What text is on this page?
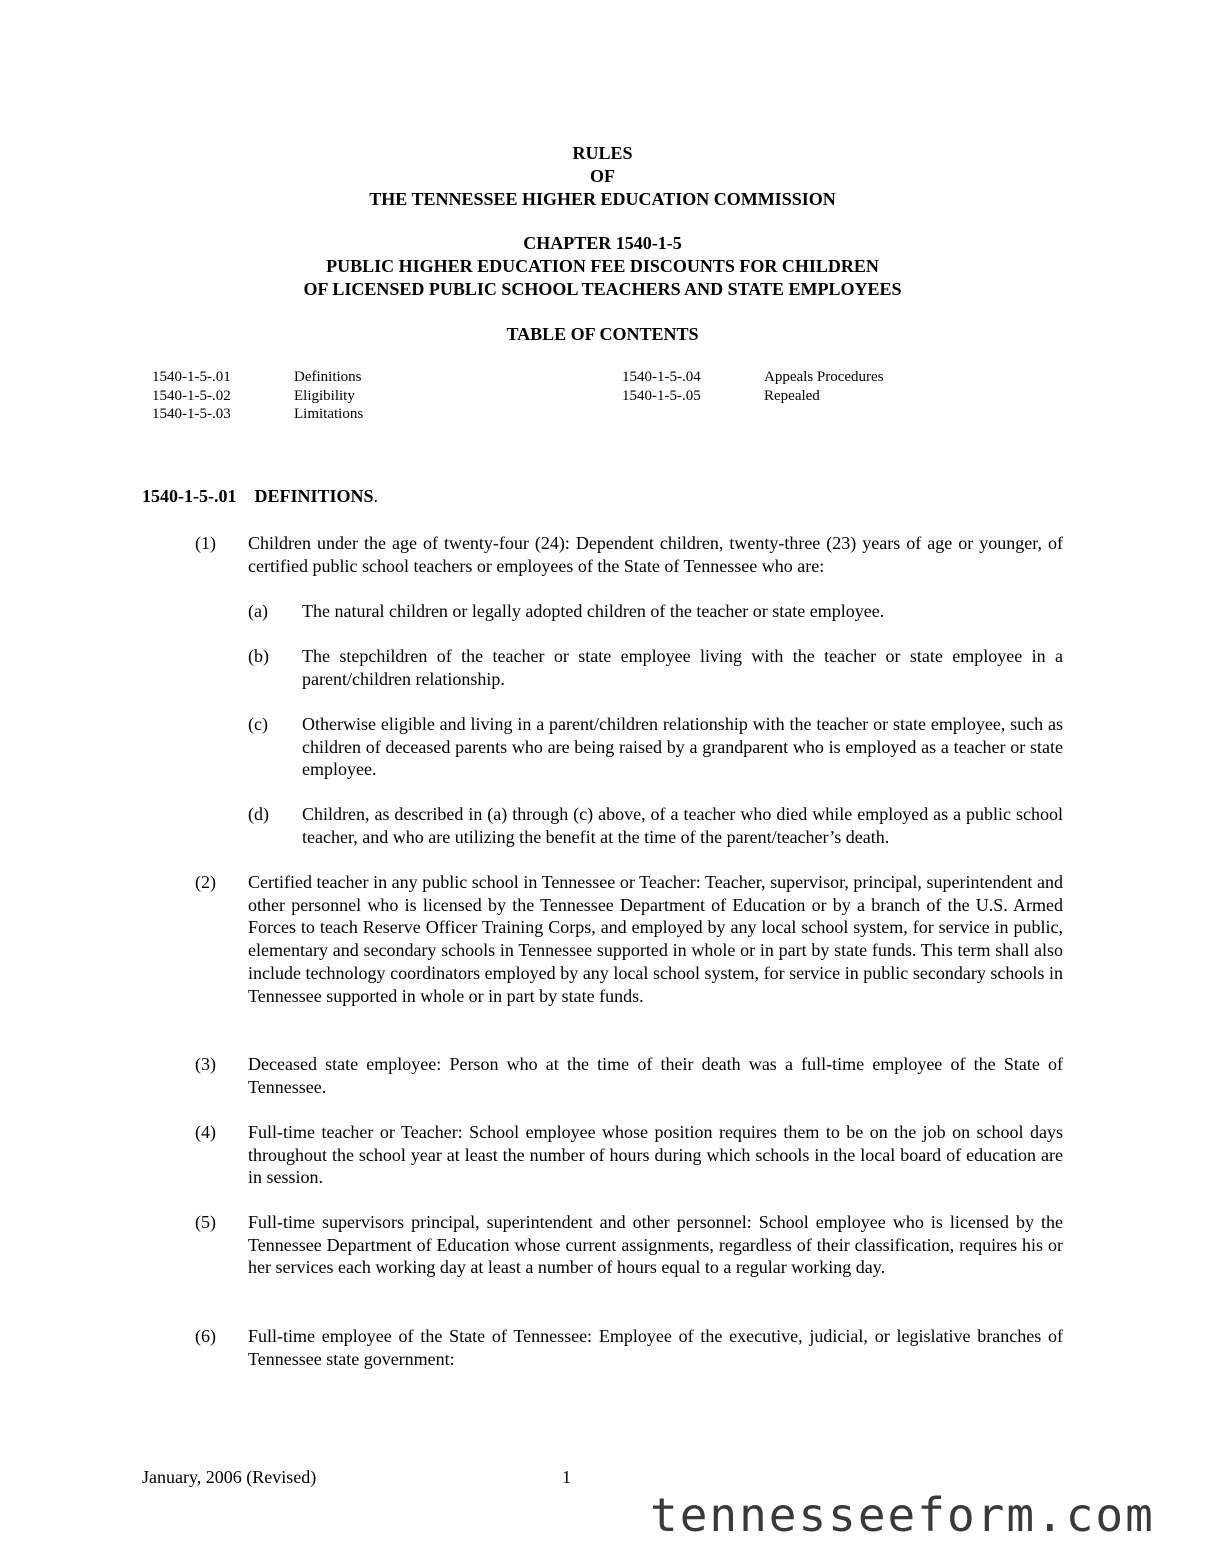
RULES
OF
THE TENNESSEE HIGHER EDUCATION COMMISSION
CHAPTER 1540-1-5
PUBLIC HIGHER EDUCATION FEE DISCOUNTS FOR CHILDREN
OF LICENSED PUBLIC SCHOOL TEACHERS AND STATE EMPLOYEES
TABLE OF CONTENTS
1540-1-5-.01	Definitions
1540-1-5-.02	Eligibility
1540-1-5-.03	Limitations
1540-1-5-.04	Appeals Procedures
1540-1-5-.05	Repealed
1540-1-5-.01 DEFINITIONS.
(1) Children under the age of twenty-four (24): Dependent children, twenty-three (23) years of age or younger, of certified public school teachers or employees of the State of Tennessee who are:
(a) The natural children or legally adopted children of the teacher or state employee.
(b) The stepchildren of the teacher or state employee living with the teacher or state employee in a parent/children relationship.
(c) Otherwise eligible and living in a parent/children relationship with the teacher or state employee, such as children of deceased parents who are being raised by a grandparent who is employed as a teacher or state employee.
(d) Children, as described in (a) through (c) above, of a teacher who died while employed as a public school teacher, and who are utilizing the benefit at the time of the parent/teacher’s death.
(2) Certified teacher in any public school in Tennessee or Teacher: Teacher, supervisor, principal, superintendent and other personnel who is licensed by the Tennessee Department of Education or by a branch of the U.S. Armed Forces to teach Reserve Officer Training Corps, and employed by any local school system, for service in public, elementary and secondary schools in Tennessee supported in whole or in part by state funds. This term shall also include technology coordinators employed by any local school system, for service in public secondary schools in Tennessee supported in whole or in part by state funds.
(3) Deceased state employee: Person who at the time of their death was a full-time employee of the State of Tennessee.
(4) Full-time teacher or Teacher: School employee whose position requires them to be on the job on school days throughout the school year at least the number of hours during which schools in the local board of education are in session.
(5) Full-time supervisors principal, superintendent and other personnel: School employee who is licensed by the Tennessee Department of Education whose current assignments, regardless of their classification, requires his or her services each working day at least a number of hours equal to a regular working day.
(6) Full-time employee of the State of Tennessee: Employee of the executive, judicial, or legislative branches of Tennessee state government:
January, 2006 (Revised)	1
tennesseeform.com
